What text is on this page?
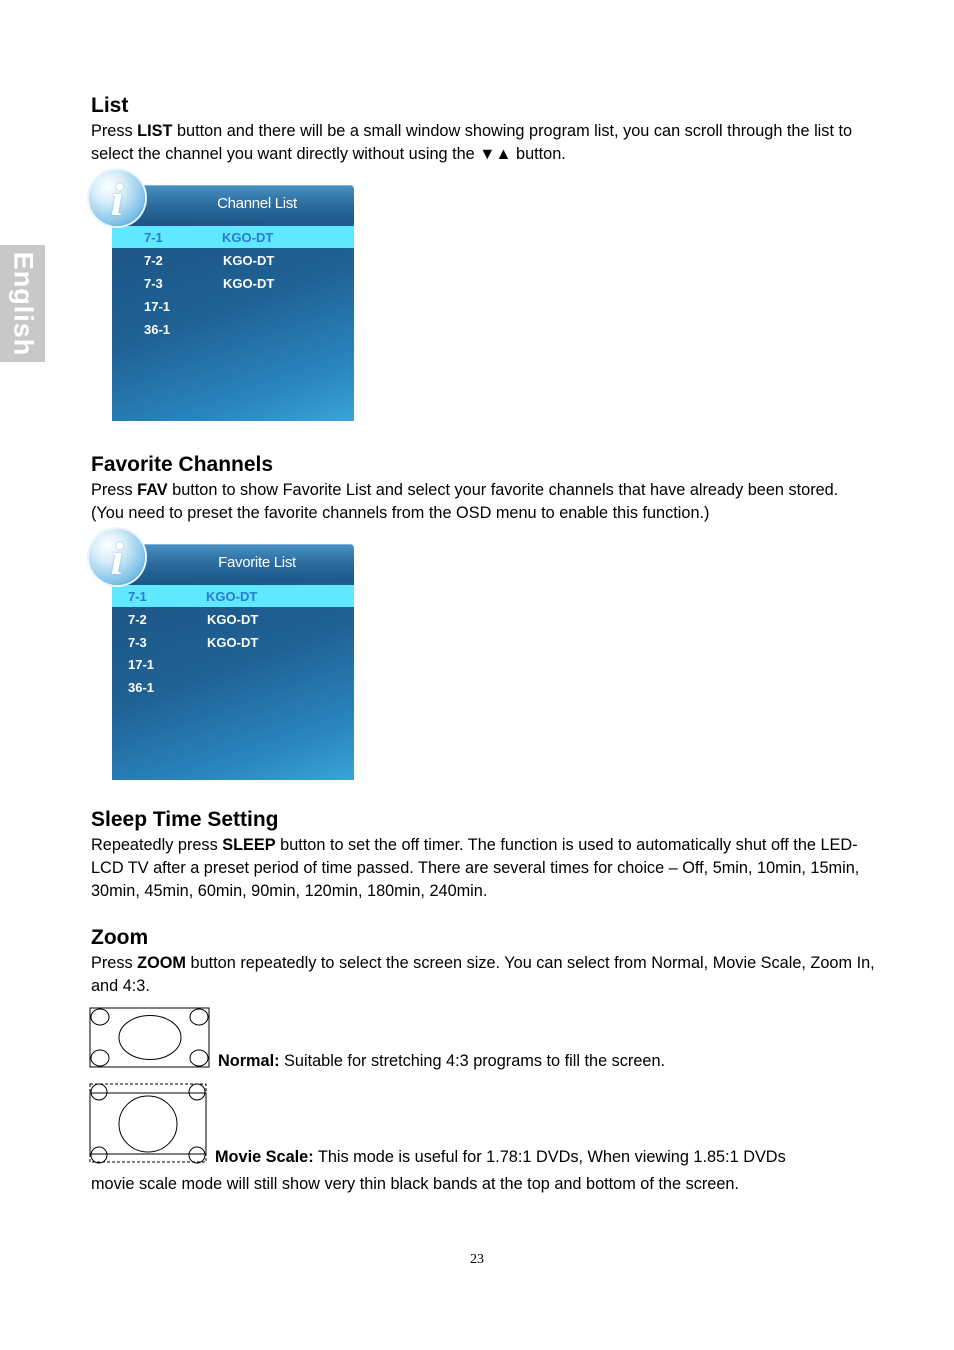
English
List

Press LIST button and there will be a small window showing program list, you can scroll through the list to select the channel you want directly without using the ▼▲ button.

Channel List
7-1	KGO-DT
7-2	KGO-DT
7-3	KGO-DT
17-1
36-1
i
Favorite Channels

Press FAV button to show Favorite List and select your favorite channels that have already been stored. (You need to preset the favorite channels from the OSD menu to enable this function.)

Favorite List
7-1	KGO-DT
7-2	KGO-DT
7-3	KGO-DT
17-1
36-1
i
Sleep Time Setting

Repeatedly press SLEEP button to set the off timer. The function is used to automatically shut off the LED-LCD TV after a preset period of time passed. There are several times for choice – Off, 5min, 10min, 15min, 30min, 45min, 60min, 90min, 120min, 180min, 240min.

Zoom

Press ZOOM button repeatedly to select the screen size. You can select from Normal, Movie Scale, Zoom In, and 4:3.

Normal: Suitable for stretching 4:3 programs to fill the screen.

Movie Scale: This mode is useful for 1.78:1 DVDs, When viewing 1.85:1 DVDs

movie scale mode will still show very thin black bands at the top and bottom of the screen.

23
